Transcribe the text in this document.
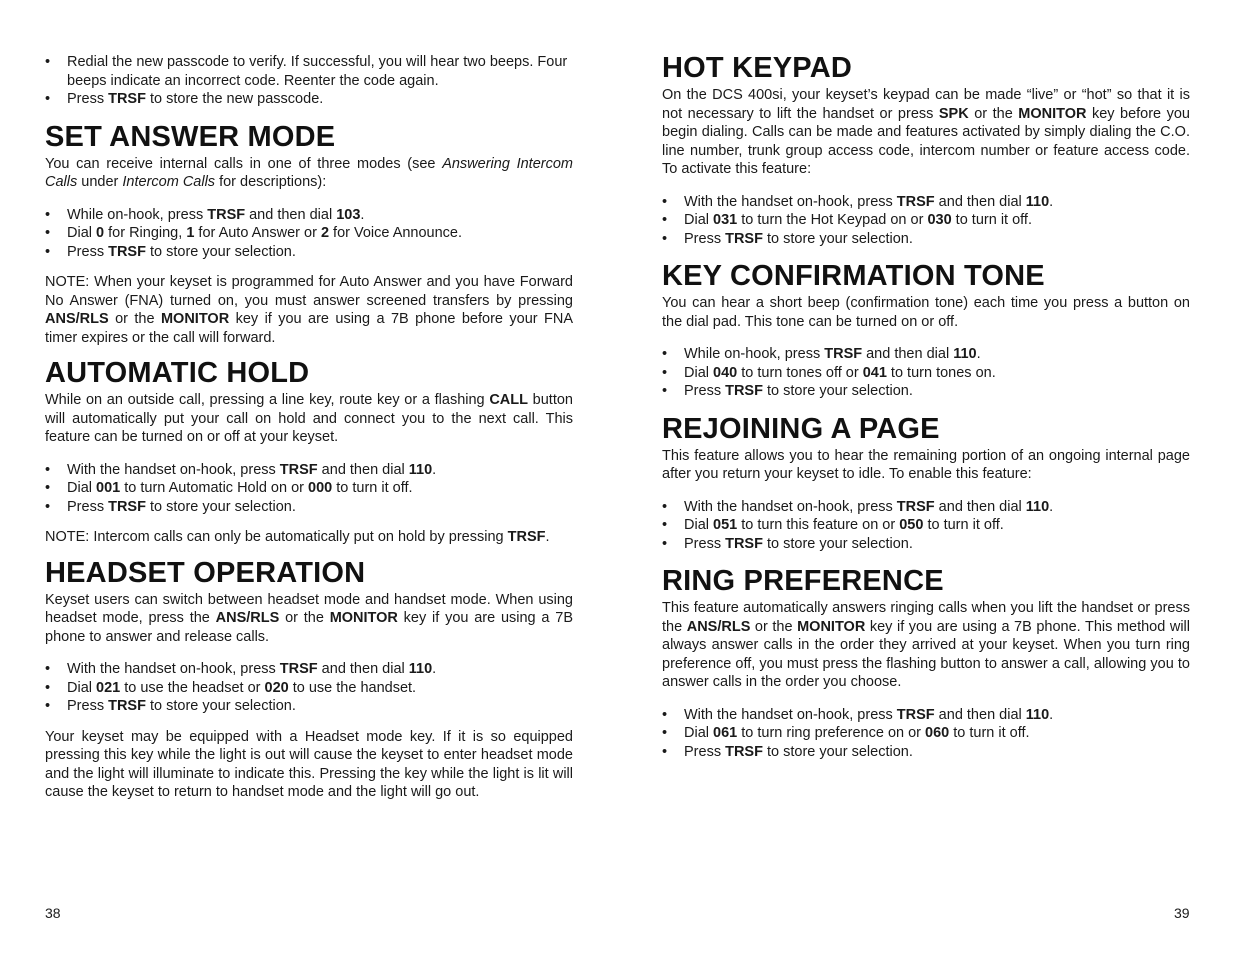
• Redial the new passcode to verify. If successful, you will hear two beeps. Four beeps indicate an incorrect code. Reenter the code again.
• Press TRSF to store the new passcode.
SET ANSWER MODE

You can receive internal calls in one of three modes (see Answering Intercom Calls under Intercom Calls for descriptions):

• While on-hook, press TRSF and then dial 103.
• Dial 0 for Ringing, 1 for Auto Answer or 2 for Voice Announce.
• Press TRSF to store your selection.

NOTE: When your keyset is programmed for Auto Answer and you have Forward No Answer (FNA) turned on, you must answer screened transfers by pressing ANS/RLS or the MONITOR key if you are using a 7B phone before your FNA timer expires or the call will forward.

AUTOMATIC HOLD

While on an outside call, pressing a line key, route key or a flashing CALL button will automatically put your call on hold and connect you to the next call. This feature can be turned on or off at your keyset.

• With the handset on-hook, press TRSF and then dial 110.
• Dial 001 to turn Automatic Hold on or 000 to turn it off.
• Press TRSF to store your selection.

NOTE: Intercom calls can only be automatically put on hold by pressing TRSF.

HEADSET OPERATION

Keyset users can switch between headset mode and handset mode. When using headset mode, press the ANS/RLS or the MONITOR key if you are using a 7B phone to answer and release calls.

• With the handset on-hook, press TRSF and then dial 110.
• Dial 021 to use the headset or 020 to use the handset.
• Press TRSF to store your selection.

Your keyset may be equipped with a Headset mode key. If it is so equipped pressing this key while the light is out will cause the keyset to enter headset mode and the light will illuminate to indicate this. Pressing the key while the light is lit will cause the keyset to return to handset mode and the light will go out.

HOT KEYPAD

On the DCS 400si, your keyset’s keypad can be made “live” or “hot” so that it is not necessary to lift the handset or press SPK or the MONITOR key before you begin dialing. Calls can be made and features activated by simply dialing the C.O. line number, trunk group access code, intercom number or feature access code. To activate this feature:

• With the handset on-hook, press TRSF and then dial 110.
• Dial 031 to turn the Hot Keypad on or 030 to turn it off.
• Press TRSF to store your selection.
KEY CONFIRMATION TONE

You can hear a short beep (confirmation tone) each time you press a button on the dial pad. This tone can be turned on or off.

• While on-hook, press TRSF and then dial 110.
• Dial 040 to turn tones off or 041 to turn tones on.
• Press TRSF to store your selection.
REJOINING A PAGE

This feature allows you to hear the remaining portion of an ongoing internal page after you return your keyset to idle. To enable this feature:

• With the handset on-hook, press TRSF and then dial 110.
• Dial 051 to turn this feature on or 050 to turn it off.
• Press TRSF to store your selection.
RING PREFERENCE

This feature automatically answers ringing calls when you lift the handset or press the ANS/RLS or the MONITOR key if you are using a 7B phone. This method will always answer calls in the order they arrived at your keyset. When you turn ring preference off, you must press the flashing button to answer a call, allowing you to answer calls in the order you choose.

• With the handset on-hook, press TRSF and then dial 110.
• Dial 061 to turn ring preference on or 060 to turn it off.
• Press TRSF to store your selection.
38	39
